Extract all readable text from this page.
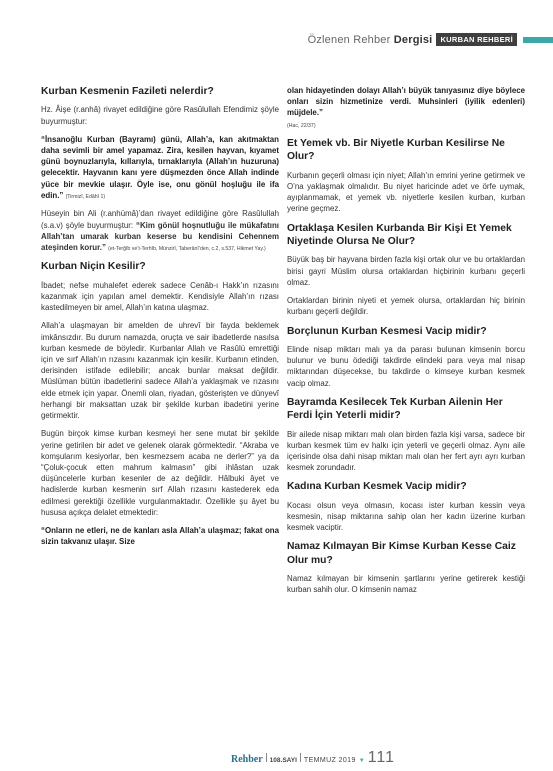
Özlenen Rehber Dergisi	KURBAN REHBERİ
Kurban Kesmenin Fazileti nelerdir?

Hz. Âişe (r.anhâ) rivayet edildiğine göre Rasûlullah Efendimiz şöyle buyurmuştur:

“İnsanoğlu Kurban (Bayramı) günü, Allah’a, kan akıtmaktan daha sevimli bir amel yapamaz. Zira, kesilen hayvan, kıyamet günü boynuzlarıyla, kıllarıyla, tırnaklarıyla (Allah’ın huzuruna) gelecektir. Hayvanın kanı yere düşmezden önce Allah indinde yüce bir mevkie ulaşır. Öyle ise, onu gönül hoşluğu ile ifa edin.” (Tirmizî, Edâhî 1)

Hüseyin bin Ali (r.anhümâ)’dan rivayet edildiğine göre Rasûlullah (s.a.v) şöyle buyurmuştur: “Kim gönül hoşnutluğu ile mükafatını Allah’tan umarak kurban keserse bu kendisini Cehennem ateşinden korur.” (et-Terğîb ve’t-Terhîb, Münzirî, Taberânî’den, c.2, s.537, Hikmet Yay.)

Kurban Niçin Kesilir?

İbadet; nefse muhalefet ederek sadece Cenâb-ı Hakk’ın rızasını kazanmak için yapılan amel demektir. Kendisiyle Allah’ın rızası kastedilmeyen bir amel, Allah’ın katına ulaşmaz.

Allah’a ulaşmayan bir amelden de uhrevî bir fayda beklemek imkânsızdır. Bu durum namazda, oruçta ve sair ibadetlerde nasılsa kurban kesmede de böyledir. Kurbanlar Allah ve Rasûlü emrettiği için ve sırf Allah’ın rızasını kazanmak için kesilir. Kurbanın etinden, derisinden istifade edilebilir; ancak bunlar maksat değildir. Müslüman bütün ibadetlerini sadece Allah’a yaklaşmak ve rızasını elde etmek için yapar. Önemli olan, riyadan, gösterişten ve dünyevî herhangi bir maksattan uzak bir şekilde kurban ibadetini yerine getirmektir.

Bugün birçok kimse kurban kesmeyi her sene mutat bir şekilde yerine getirilen bir adet ve gelenek olarak görmektedir. “Akraba ve komşularım kesiyorlar, ben kesmezsem acaba ne derler?” ya da “Çoluk-çocuk etten mahrum kalmasın” gibi ihlâstan uzak düşüncelerle kurban kesenler de az değildir. Hâlbuki âyet ve hadislerde kurban kesmenin sırf Allah rızasını kastederek eda edilmesi gerektiği özellikle vurgulanmaktadır. Özellikle şu âyet bu hususa açıkça delalet etmektedir:

“Onların ne etleri, ne de kanları asla Allah’a ulaşmaz; fakat ona sizin takvanız ulaşır. Size

olan hidayetinden dolayı Allah’ı büyük tanıyasınız diye böylece onları sizin hizmetinize verdi. Muhsinleri (iyilik edenleri) müjdele.”
(Hac, 22/37)

Et Yemek vb. Bir Niyetle Kurban Kesilirse Ne Olur?

Kurbanın geçerli olması için niyet; Allah’ın emrini yerine getirmek ve O’na yaklaşmak olmalıdır. Bu niyet haricinde adet ve örfe uymak, ayıplanmamak, et yemek vb. niyetlerle kesilen kurban, kurban yerine geçmez.

Ortaklaşa Kesilen Kurbanda Bir Kişi Et Yemek Niyetinde Olursa Ne Olur?

Büyük baş bir hayvana birden fazla kişi ortak olur ve bu ortaklardan birisi gayri Müslim olursa ortaklardan hiçbirinin kurbanı geçerli olmaz.

Ortaklardan birinin niyeti et yemek olursa, ortaklardan hiç birinin kurbanı geçerli değildir.

Borçlunun Kurban Kesmesi Vacip midir?

Elinde nisap miktarı malı ya da parası bulunan kimsenin borcu bulunur ve bunu ödediği takdirde elindeki para veya mal nisap miktarından düşecekse, bu takdirde o kimseye kurban kesmek vacip olmaz.

Bayramda Kesilecek Tek Kurban Ailenin Her Ferdi İçin Yeterli midir?

Bir ailede nisap miktarı malı olan birden fazla kişi varsa, sadece bir kurban kesmek tüm ev halkı için yeterli ve geçerli olmaz. Aynı aile içerisinde olsa dahi nisap miktarı malı olan her fert ayrı ayrı kurban kesmek zorundadır.

Kadına Kurban Kesmek Vacip midir?

Kocası olsun veya olmasın, kocası ister kurban kessin veya kesmesin, nisap miktarına sahip olan her kadın üzerine kurban kesmek vaciptir.

Namaz Kılmayan Bir Kimse Kurban Kesse Caiz Olur mu?

Namaz kılmayan bir kimsenin şartlarını yerine getirerek kestiği kurban sahih olur. O kimsenin namaz

Rehber 108.SAYI TEMMUZ 2019 ▼ 111
